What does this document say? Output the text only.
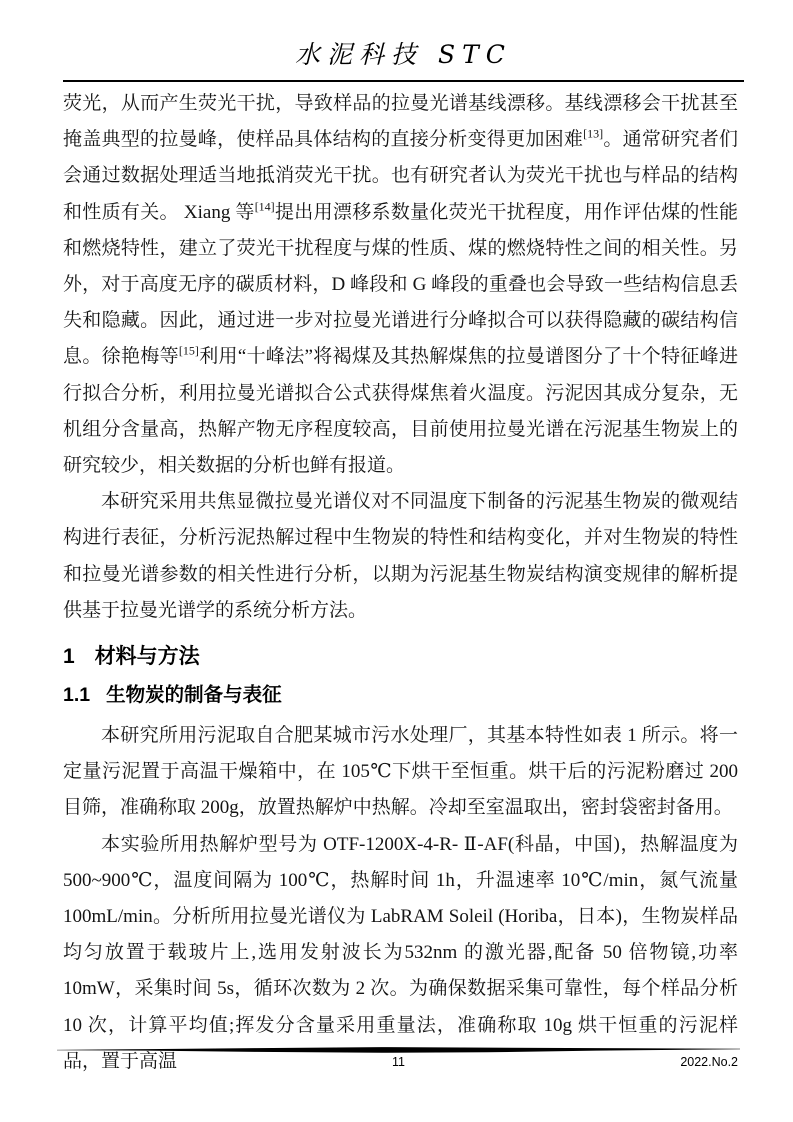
水泥科技 STC

荧光，从而产生荧光干扰，导致样品的拉曼光谱基线漂移。基线漂移会干扰甚至掩盖典型的拉曼峰，使样品具体结构的直接分析变得更加困难[13]。通常研究者们会通过数据处理适当地抵消荧光干扰。也有研究者认为荧光干扰也与样品的结构和性质有关。 Xiang 等[14]提出用漂移系数量化荧光干扰程度，用作评估煤的性能和燃烧特性，建立了荧光干扰程度与煤的性质、煤的燃烧特性之间的相关性。另外，对于高度无序的碳质材料，D 峰段和 G 峰段的重叠也会导致一些结构信息丢失和隐藏。因此，通过进一步对拉曼光谱进行分峰拟合可以获得隐藏的碳结构信息。徐艳梅等[15]利用“十峰法”将褐煤及其热解煤焦的拉曼谱图分了十个特征峰进行拟合分析，利用拉曼光谱拟合公式获得煤焦着火温度。污泥因其成分复杂，无机组分含量高，热解产物无序程度较高，目前使用拉曼光谱在污泥基生物炭上的研究较少，相关数据的分析也鲜有报道。

本研究采用共焦显微拉曼光谱仪对不同温度下制备的污泥基生物炭的微观结构进行表征，分析污泥热解过程中生物炭的特性和结构变化，并对生物炭的特性和拉曼光谱参数的相关性进行分析，以期为污泥基生物炭结构演变规律的解析提供基于拉曼光谱学的系统分析方法。

1 材料与方法
1.1 生物炭的制备与表征

本研究所用污泥取自合肥某城市污水处理厂，其基本特性如表 1 所示。将一定量污泥置于高温干燥箱中，在 105℃下烘干至恒重。烘干后的污泥粉磨过 200 目筛，准确称取 200g，放置热解炉中热解。冷却至室温取出，密封袋密封备用。

本实验所用热解炉型号为 OTF-1200X-4-R- Ⅱ-AF(科晶，中国)，热解温度为500~900℃，温度间隔为 100℃，热解时间 1h，升温速率 10℃/min，氮气流量100mL/min。分析所用拉曼光谱仪为 LabRAM Soleil (Horiba，日本)，生物炭样品均匀放置于载玻片上,选用发射波长为532nm 的激光器,配备 50 倍物镜,功率 10mW，采集时间 5s，循环次数为 2 次。为确保数据采集可靠性，每个样品分析 10 次，计算平均值;挥发分含量采用重量法，准确称取 10g 烘干恒重的污泥样品，置于高温	11	2022.No.2
